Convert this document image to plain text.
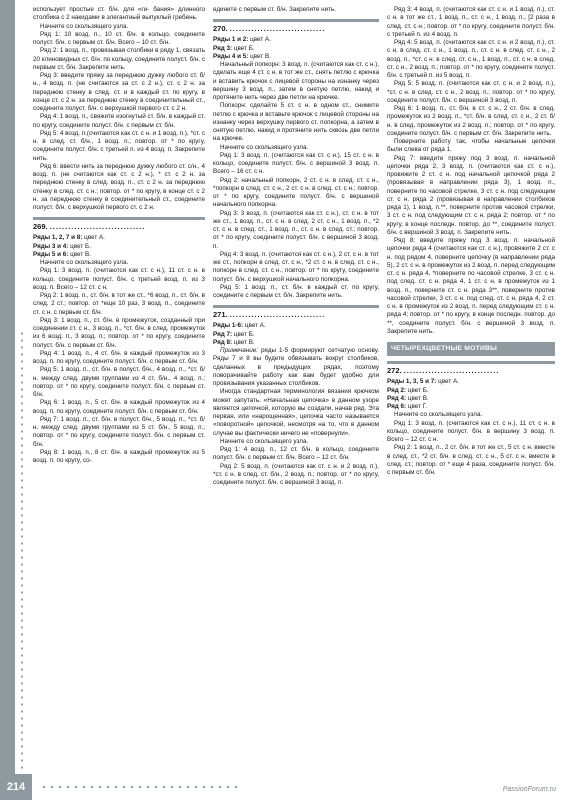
использует простые ст. б/н. для «ги- бания» длинного столбика с 2 накидами в элегантный выпуклый гребень.

Начните со скользящего узла.

Ряд 1: 10 возд. п., 10 ст. б/н. в кольцо, соедините полуст. б/н. с первым ст. б/н. Всего – 10 ст. б/н.

Ряд 2: 1 возд. п., провязывая столбики в ряду 1, связать 20 клиновидных ст. б/н. по кольцу, соедините полуст. б/н. с первым ст. б/н. Закрепите нить.

Ряд 3: введите пряжу за переднюю дужку любого ст. б/н., 4 возд. п. (не считаются за ст. с 2 н.), ст. с 2 н. за переднюю стенку в след. ст. и в каждый ст. по кругу, в конце ст. с 2 н. за переднюю стенку в соединительный ст., соедините полуст. б/н. с верхушкой первого ст. с 2 н.

Ряд 4: 1 возд. п., свяжите изогнутый ст. б/н. в каждый ст. по кругу, соедините полуст. б/н. с первым ст. б/н.

Ряд 5: 4 возд. п.(считаются как ст. с н. и 1 возд. п.), *ст. с н. в след. ст. б/н., 1 возд. п.; повтор. от * по кругу, соедините полуст. б/н. с третьей п. из 4 возд. п. Закрепите нить.

Ряд 6: ввести нить за переднюю дужку любого ст. с/н., 4 возд. п. (не считаются как ст. с 2 н.), * ст. с 2 н. за переднюю стенку в след. возд. п., ст. с 2 н. за переднюю стенку в след. ст. с н.; повтор. от * по кругу, в конце ст. с 2 н. за переднюю стенку в соединительный ст., соедините полуст. б/н. с верхушкой первого ст. с 2 н.

269. ...............................

Ряды 1, 2, 7 и 8: цвет А.

Ряды 3 и 4: цвет Б.

Ряды 5 и 6: цвет В.

Начните со скользящего узла.

Ряд 1: 3 возд. п. (считаются как ст. с н.), 11 ст. с н. в кольцо, соедините полуст. б/н. с третьей возд. п. из 3 возд. п. Всего – 12 ст. с н.

Ряд 2: 1 возд. п., ст. б/н. в тот же ст., *6 возд. п., ст. б/н. в след. 2 ст.; повтор. от *еще 10 раз, 3 возд. п., соедините ст. с н. с первым ст. б/н.

Ряд 3: 1 возд. п., ст. б/н. в промежуток, созданный при соединении ст. с н., 3 возд. п., *ст. б/н. в след. промежуток из 6 возд. п., 3 возд. п.; повтор. от * по кругу, соедините полуст. б/н. с первым ст. б/н.

Ряд 4: 1 возд. п., 4 ст. б/н. в каждый промежуток из 3 возд. п. по кругу, соедините полуст. б/н. с первым ст. б/н.

Ряд 5: 1 возд. п., ст. б/н. в полуст. б/н., 4 возд. п., *ст. б/н. между след. двумя группами из 4 ст. б/н., 4 возд. п.; повтор. от * по кругу, соедините полуст. б/н. с первым ст. б/н.

Ряд 6: 1 возд. п., 5 ст. б/н. в каждый промежуток из 4 возд. п. по кругу, соедините полуст. б/н. с первым ст. б/н.

Ряд 7: 1 возд. п., ст. б/н. в полуст. б/н., 5 возд. п., *ст. б/н. между след. двумя группами из 5 ст. б/н., 5 возд. п.; повтор. от * по кругу, соедините полуст. б/н. с первым ст. б/н.

Ряд 8: 1 возд. п., 8 ст. б/н. в каждый промежуток из 5 возд. п. по кругу, со-

едините с первым ст. б/н. Закрепите нить.

270. ...............................

Ряды 1 и 2: цвет А.

Ряд 3: цвет Б.

Ряды 4 и 5: цвет В.

Начальный попкорн: 3 возд. п. (считаются как ст. с н.), сделать еще 4 ст. с н. в тот же ст., снять петлю с крючка и вставить крючок с лицевой стороны на изнанку через вершину 3 возд. п., затем в снятую петлю, накид и протяните нить через две петли на крючке.

Попкорн: сделайте 5 ст. с н. в одном ст., снимите петлю с крючка и вставьте крючок с лицевой стороны на изнанку через верхушку первого ст. попкорна, а затем в снятую петлю, накид и протяните нить сквозь две петли на крючке.

Начните со скользящего узла.

Ряд 1: 3 возд. п. (считаются как ст. с н.), 15 ст. с н. в кольцо, соедините полуст. б/н. с вершиной 3 возд. п. Всего – 16 ст. с н.

Ряд 2: начальный попкорн, 2 ст. с н. в след. ст. с н., *попкорн в след. ст. с н., 2 ст. с н. в след. ст. с н.; повтор. от * по кругу, соедините полуст. б/н. с вершиной начального попкорна.

Ряд 3: 3 возд. п. (считаются как ст. с н.), ст. с н. в тот же ст., 1 возд. п., ст. с н. в след. 2 ст. с н., 1 возд. п., *2 ст. с н. в след. ст., 1 возд. п., ст. с н. в след. ст.; повтор. от * по кругу, соедините полуст. б/н. с вершиной 3 возд. п.

Ряд 4: 3 возд. п. (считаются как ст. с н.), 2 ст. с н. в тот же ст., попкорн в след. ст. с н., *2 ст. с н. в след. ст. с н., попкорн в след. ст. с н.; повтор. от * по кругу, соедините полуст. б/н. с верхушкой начального попкорна.

Ряд 5: 1 возд. п., ст. б/н. в каждый ст. по кругу, соедините с первым ст. б/н. Закрепите нить.

271. ...............................

Ряды 1-6: цвет А.

Ряд 7: цвет Б.

Ряд 8: цвет В.

Примечание: ряды 1-5 формируют сетчатую основу. Ряды 7 и 8 вы будете обвязывать вокруг столбиков, сделанных в предыдущих рядах, поэтому поворачивайте работу как вам будет удобно для провязывания указанных столбиков.

Иногда стандартная терминология вязания крючком может запутать. «Начальная цепочка» в данном узоре является цепочкой, которую вы создали, начав ряд. Эта первая, или «нарощенная», цепочка часто называется «поворотной» цепочкой, несмотря на то, что в данном случае вы фактически ничего не «повернули».

Начните со скользящего узла.

Ряд 1: 4 возд. п., 12 ст. б/н. в кольцо, соедините полуст. б/н. с первым ст. б/н. Всего – 12 ст. б/н.

Ряд 2: 5 возд. п. (считаются как ст. с н. и 2 возд. п.), *ст. с н. в след. ст. б/н., 2 возд. п.; повтор. от * по кругу, соедините полуст. б/н. с вершиной 3 возд. п.

Ряд 3: 4 возд. п. (считаются как ст. с н. и 1 возд. п.), ст. с н. в тот же ст., 1 возд. п., ст. с н., 1 возд. п., [2 раза в след. ст. с н.; повтор. от * по кругу, соедините полуст. б/н. с третьей п. из 4 возд. п.

Ряд 4: 5 возд. п. (считаются как ст. с н. и 2 возд. п.), ст. с н. в след. ст. с н., 1 возд. п., ст. с н. в след. ст. с н., 2 возд. п., *ст. с н. в след. ст. с н., 1 возд. п., ст. с н. в след. ст. с н., 2 возд. п.; повтор. от * по кругу, соедините полуст. б/н. с третьей п. из 5 возд. п.

Ряд 5: 5 возд. п. (считаются как ст. с н. и 2 возд. п.), *ст. с н. в след. ст. с н., 2 возд. п.; повтор. от * по кругу, соедините полуст. б/н. с вершиной 3 возд. п.

Ряд 6: 1 возд. п., ст. б/н. в ст. с н., 2 ст. б/н. в след. промежуток из 2 возд. п., *ст. б/н. в след. ст. с н., 2 ст. б/н. в след. промежуток из 2 возд. п.; повтор. от * по кругу, соедините полуст. б/н. с первым ст. б/н. Закрепите нить.

Поверните работу так, чтобы начальные цепочки были слева от ряда 1.

Ряд 7: введите пряжу под 3 возд. п. начальной цепочки ряда 2, 3 возд. п. (считаются как ст. с н.), провяжите 2 ст. с н. под начальной цепочкой ряда 2 (провязывая в направлении ряда 3), 1 возд. п., поверните по часовой стрелке, 3 ст. с н. под следующим ст. с н. ряда 2 (провязывая в направлении столбиков ряда 1), 1 возд. п.**, поверните против часовой стрелки, 3 ст. с н. под следующим ст. с н. ряда 2; повтор. от * по кругу, в конце последн. повтор. до **, соедините полуст. б/н. с вершиной 3 возд. п. Закрепите нить.

Ряд 8: введите пряжу под 3 возд. п. начальной цепочки ряда 4 (считаются как ст. с н.), провяжите 2 ст. с н. под рядом 4, поверните цепочку (в направлении ряда 5), 2 ст. с н. в промежуток из 2 возд. п. перед следующим ст. с н. ряда 4, *поверните по часовой стрелке, 3 ст. с н. под след. ст. с н. ряда 4, 1 ст. с н. в промежуток из 1 возд. п., поверните ст. с н. ряда 3**, поверните против часовой стрелки, 3 ст. с н. под след. ст. с н. ряда 4, 2 ст. с н. в промежуток из 2 возд. п. перед следующим ст. с н. ряда 4; повтор. от * по кругу, в конце последн. повтор. до **, соедините полуст. б/н. с вершиной 3 возд. п. Закрепите нить.

ЧЕТЫРЕХЦВЕТНЫЕ МОТИВЫ
272. ...............................

Ряды 1, 3, 5 и 7: цвет А.

Ряд 2: цвет Б.

Ряд 4: цвет В.

Ряд 6: цвет Г.

Начните со скользящего узла.

Ряд 1: 3 возд. п. (считаются как ст. с н.), 11 ст. с н. в кольцо, соедините полуст. б/н. в вершину 3 возд. п. Всего – 12 ст. с н.

Ряд 2: 1 возд. п., 2 ст. б/н. в тот же ст., 5 ст. с н. вместе в след. ст., *2 ст. б/н. в след. ст. с н., 5 ст. с н. вместе в след. ст.; повтор. от * еще 4 раза, соедините полуст. б/н. с первым ст. б/н.

214	PassionForum.ru
